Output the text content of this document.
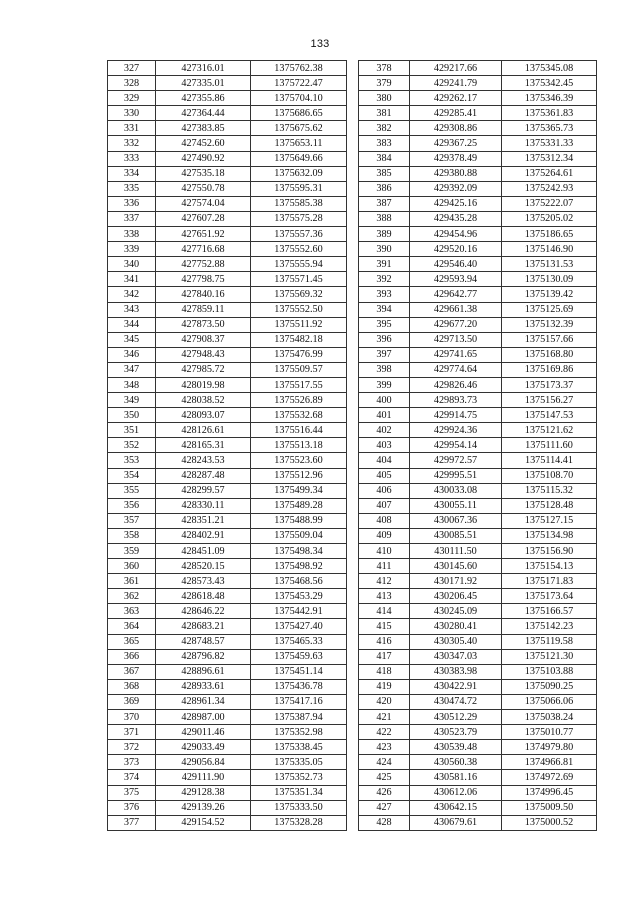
133
327	427316.01	1375762.38
328	427335.01	1375722.47
329	427355.86	1375704.10
330	427364.44	1375686.65
331	427383.85	1375675.62
332	427452.60	1375653.11
333	427490.92	1375649.66
334	427535.18	1375632.09
335	427550.78	1375595.31
336	427574.04	1375585.38
337	427607.28	1375575.28
338	427651.92	1375557.36
339	427716.68	1375552.60
340	427752.88	1375555.94
341	427798.75	1375571.45
342	427840.16	1375569.32
343	427859.11	1375552.50
344	427873.50	1375511.92
345	427908.37	1375482.18
346	427948.43	1375476.99
347	427985.72	1375509.57
348	428019.98	1375517.55
349	428038.52	1375526.89
350	428093.07	1375532.68
351	428126.61	1375516.44
352	428165.31	1375513.18
353	428243.53	1375523.60
354	428287.48	1375512.96
355	428299.57	1375499.34
356	428330.11	1375489.28
357	428351.21	1375488.99
358	428402.91	1375509.04
359	428451.09	1375498.34
360	428520.15	1375498.92
361	428573.43	1375468.56
362	428618.48	1375453.29
363	428646.22	1375442.91
364	428683.21	1375427.40
365	428748.57	1375465.33
366	428796.82	1375459.63
367	428896.61	1375451.14
368	428933.61	1375436.78
369	428961.34	1375417.16
370	428987.00	1375387.94
371	429011.46	1375352.98
372	429033.49	1375338.45
373	429056.84	1375335.05
374	429111.90	1375352.73
375	429128.38	1375351.34
376	429139.26	1375333.50
377	429154.52	1375328.28
378	429217.66	1375345.08
379	429241.79	1375342.45
380	429262.17	1375346.39
381	429285.41	1375361.83
382	429308.86	1375365.73
383	429367.25	1375331.33
384	429378.49	1375312.34
385	429380.88	1375264.61
386	429392.09	1375242.93
387	429425.16	1375222.07
388	429435.28	1375205.02
389	429454.96	1375186.65
390	429520.16	1375146.90
391	429546.40	1375131.53
392	429593.94	1375130.09
393	429642.77	1375139.42
394	429661.38	1375125.69
395	429677.20	1375132.39
396	429713.50	1375157.66
397	429741.65	1375168.80
398	429774.64	1375169.86
399	429826.46	1375173.37
400	429893.73	1375156.27
401	429914.75	1375147.53
402	429924.36	1375121.62
403	429954.14	1375111.60
404	429972.57	1375114.41
405	429995.51	1375108.70
406	430033.08	1375115.32
407	430055.11	1375128.48
408	430067.36	1375127.15
409	430085.51	1375134.98
410	430111.50	1375156.90
411	430145.60	1375154.13
412	430171.92	1375171.83
413	430206.45	1375173.64
414	430245.09	1375166.57
415	430280.41	1375142.23
416	430305.40	1375119.58
417	430347.03	1375121.30
418	430383.98	1375103.88
419	430422.91	1375090.25
420	430474.72	1375066.06
421	430512.29	1375038.24
422	430523.79	1375010.77
423	430539.48	1374979.80
424	430560.38	1374966.81
425	430581.16	1374972.69
426	430612.06	1374996.45
427	430642.15	1375009.50
428	430679.61	1375000.52
